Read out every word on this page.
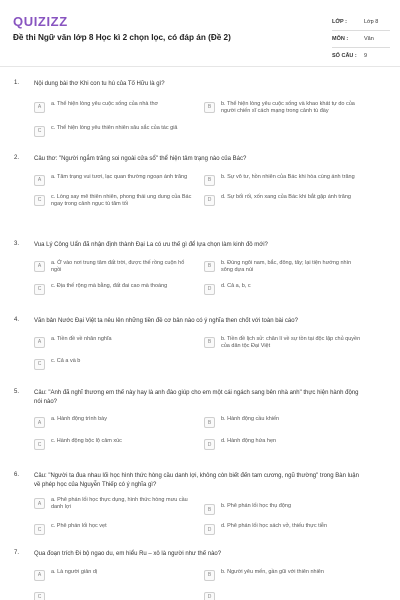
QUIZIZZ
Đề thi Ngữ văn lớp 8 Học kì 2 chọn lọc, có đáp án (Đề 2)
LỚP :	Lớp 8
MÔN :	Văn
SỐ CÂU :	9
1.	Nội dung bài thơ Khi con tu hú của Tố Hữu là gì?
A
a. Thể hiện lòng yêu cuộc sống của nhà thơ
B
b. Thể hiện lòng yêu cuộc sống và khao khát tự do của người chiến sĩ cách mạng trong cảnh tù đày
C
c. Thể hiện lòng yêu thiên nhiên sâu sắc của tác giả
2.	Câu thơ: "Người ngắm trăng soi ngoài cửa sổ" thể hiện tâm trạng nào của Bác?
A
a. Tâm trạng vui tươi, lạc quan thường ngoạn ánh trăng
B
b. Sự vô tư, hồn nhiên của Bác khi hòa cùng ánh trăng
C
c. Lòng say mê thiên nhiên, phong thái ung dung của Bác ngay trong cảnh ngục tù tăm tối
D
d. Sự bối rối, xốn xang của Bác khi bắt gặp ánh trăng
3.	Vua Lý Công Uẩn đã nhận định thành Đại La có ưu thế gì để lựa chọn làm kinh đô mới?
A
a. Ở vào nơi trung tâm đất trời, được thế rồng cuộn hổ ngồi
B
b. Đúng ngôi nam, bắc, đông, tây; lại tiện hướng nhìn sông dựa núi
C
c. Địa thế rộng mà bằng, đất đai cao mà thoáng
D
d. Cả a, b, c
4.	Văn bản Nước Đại Việt ta nêu lên những tiền đề cơ bản nào có ý nghĩa then chốt với toàn bài cáo?
A
a. Tiền đề về nhân nghĩa
B
b. Tiền đề lịch sử: chân lí về sự tồn tại độc lập chủ quyền của dân tộc Đại Việt
C
c. Cả a và b
5.	Câu: "Anh đã nghĩ thương em thế này hay là anh đào giúp cho em một cái ngách sang bên nhà anh" thực hiện hành động nói nào?
A
a. Hành động trình bày
B
b. Hành động cầu khiến
C
c. Hành động bộc lộ cảm xúc
D
d. Hành động hứa hẹn
6.	Câu: "Người ta đua nhau lối học hình thức hòng cầu danh lợi, không còn biết đến tam cương, ngũ thường" trong Bàn luận về phép học của Nguyễn Thiếp có ý nghĩa gì?
A
a. Phê phán lối học thực dụng, hình thức hòng mưu cầu danh lợi	B
b. Phê phán lối học thụ động
C
c. Phê phán lối học vẹt
D
d. Phê phán lối học sách vở, thiếu thực tiễn
7.	Qua đoạn trích Đi bộ ngao du, em hiểu Ru – xô là người như thế nào?
A
a. Là người giản dị
B
b. Người yêu mến, gần gũi với thiên nhiên
C	D
